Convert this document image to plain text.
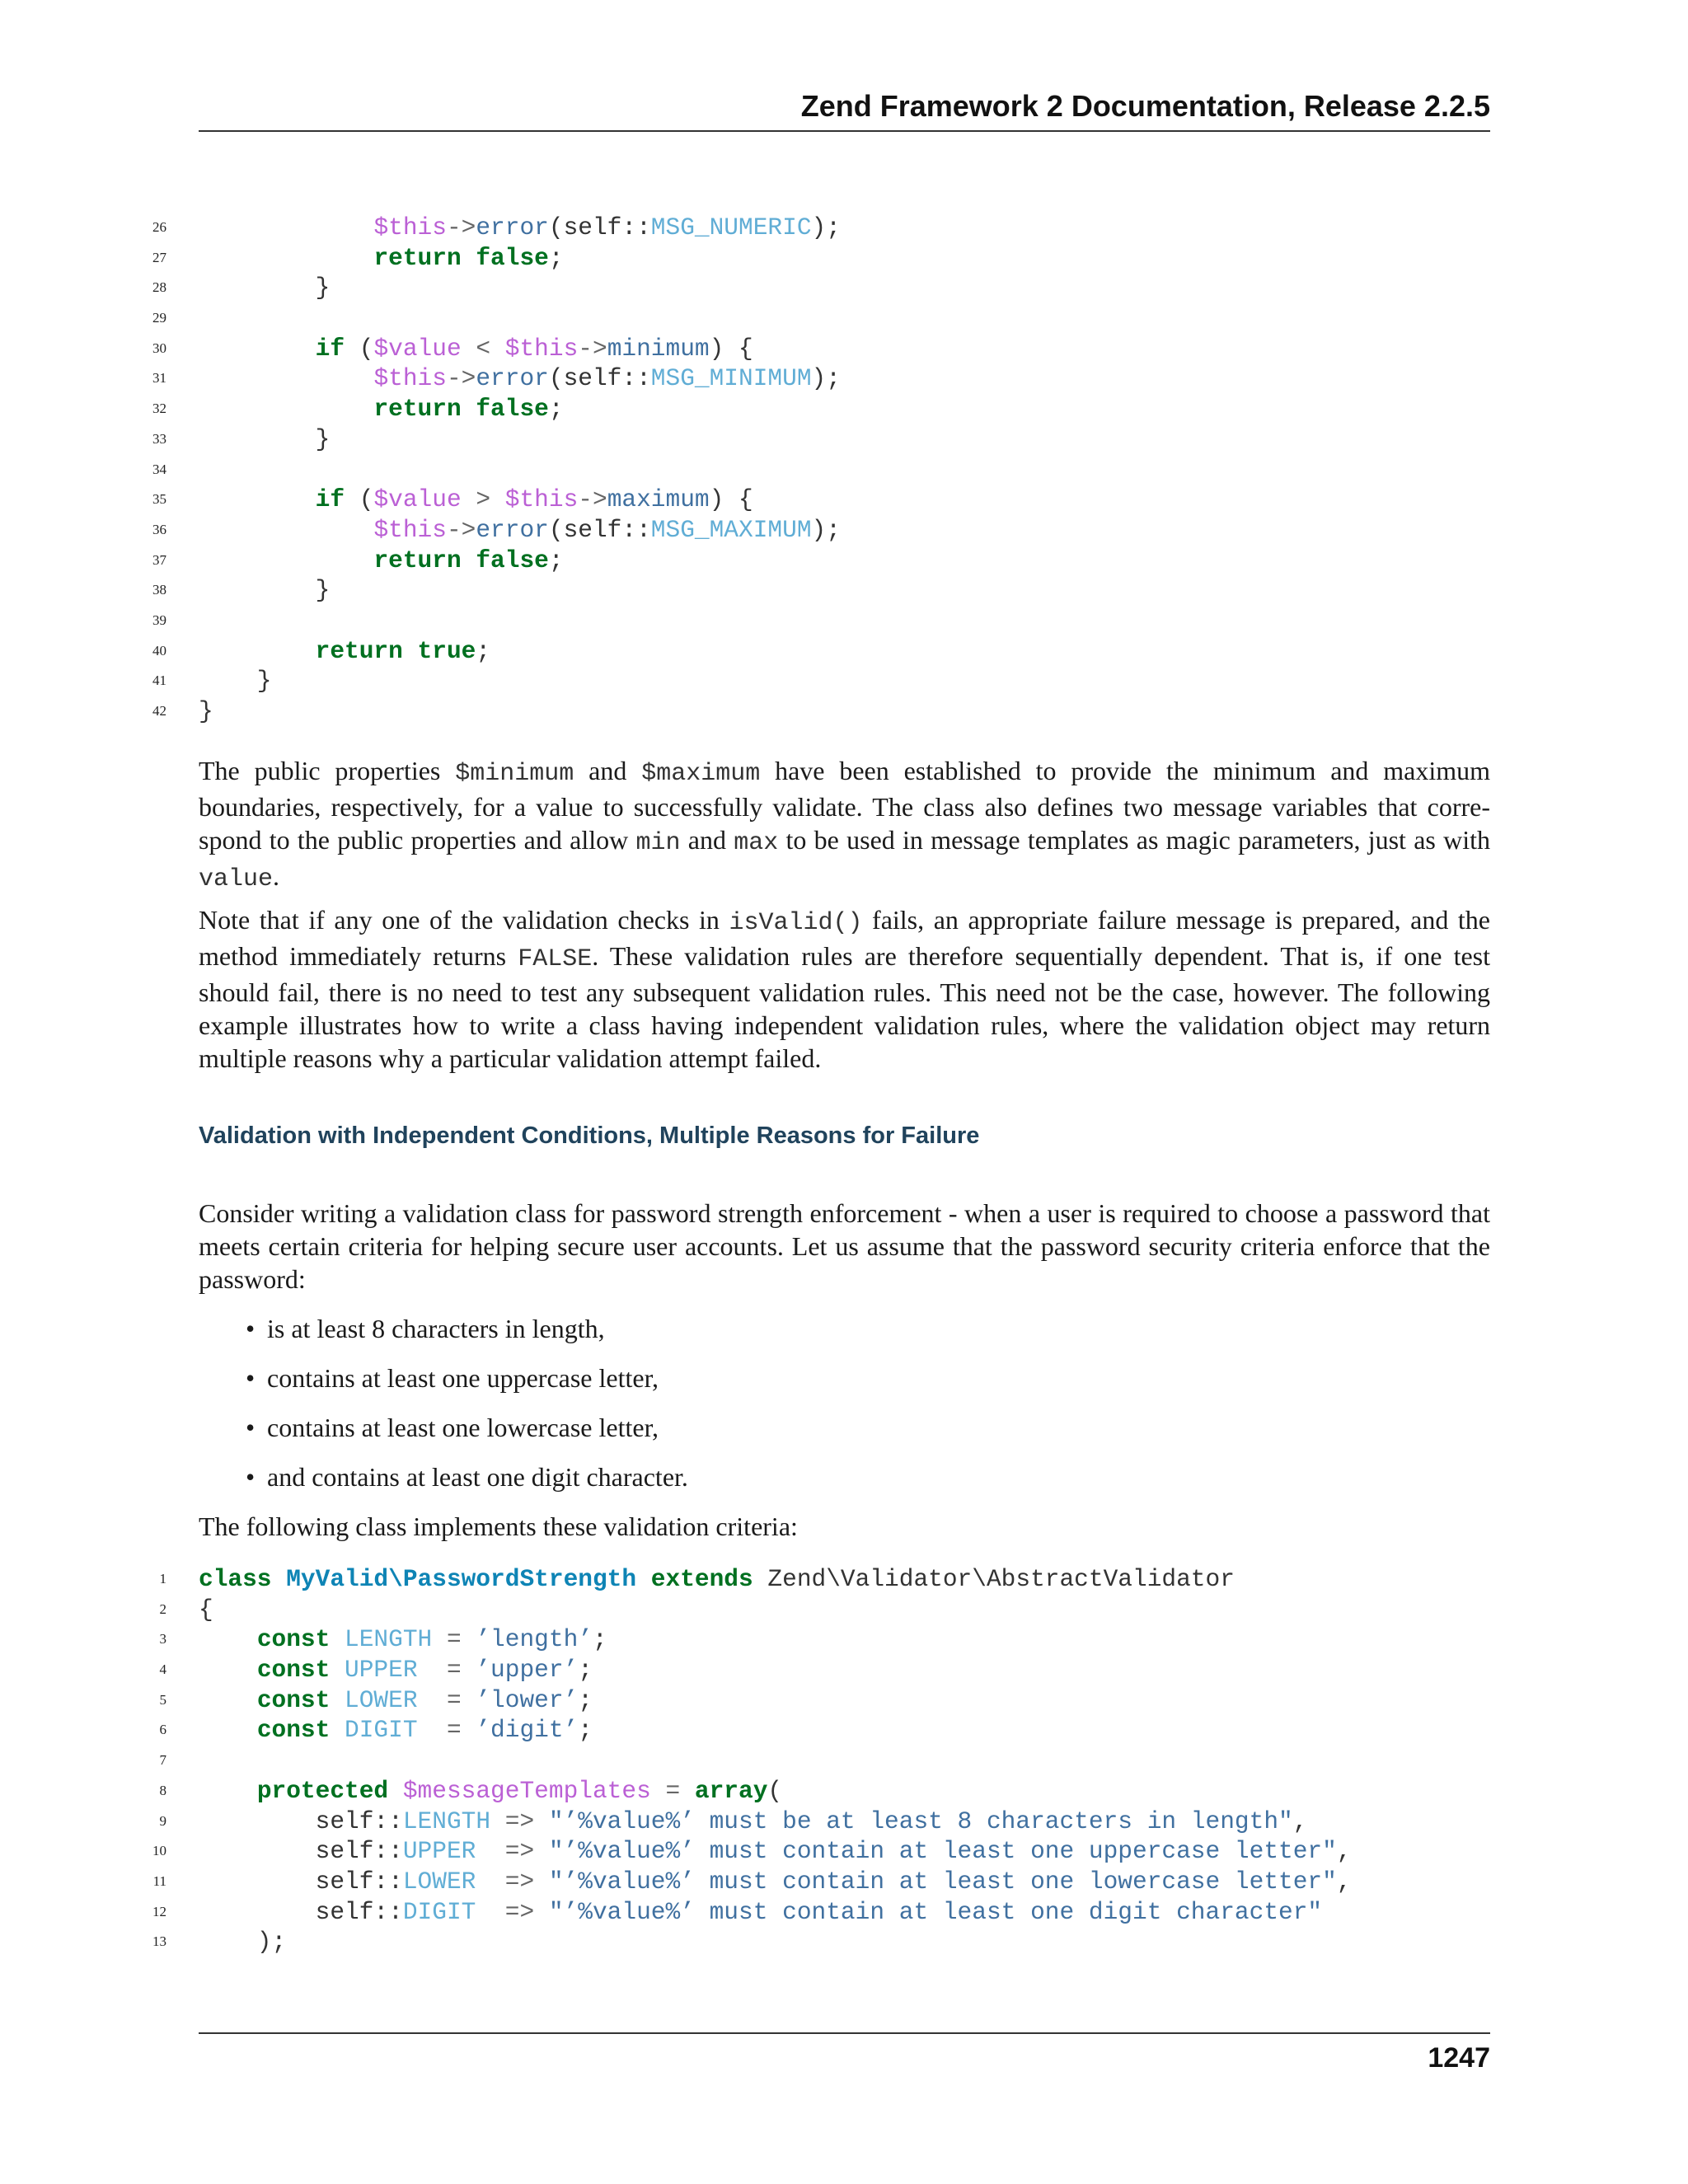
Zend Framework 2 Documentation, Release 2.2.5
26	$this->error(self::MSG_NUMERIC);
27	return false;
28 }
29
30	if ($value < $this->minimum) {
31	$this->error(self::MSG_MINIMUM);
32	return false;
33 }
34
35	if ($value > $this->maximum) {
36	$this->error(self::MSG_MAXIMUM);
37	return false;
38 }
39
40	return true;
41 }
42 }

The public properties $minimum and $maximum have been established to provide the minimum and maximum boundaries, respectively, for a value to successfully validate. The class also defines two message variables that corre-spond to the public properties and allow min and max to be used in message templates as magic parameters, just as with value.

Note that if any one of the validation checks in isValid() fails, an appropriate failure message is prepared, and the method immediately returns FALSE. These validation rules are therefore sequentially dependent. That is, if one test should fail, there is no need to test any subsequent validation rules. This need not be the case, however. The following example illustrates how to write a class having independent validation rules, where the validation object may return multiple reasons why a particular validation attempt failed.

Validation with Independent Conditions, Multiple Reasons for Failure

Consider writing a validation class for password strength enforcement - when a user is required to choose a password that meets certain criteria for helping secure user accounts. Let us assume that the password security criteria enforce that the password:

• is at least 8 characters in length,
• contains at least one uppercase letter,
• contains at least one lowercase letter,
• and contains at least one digit character.

The following class implements these validation criteria:

1 class MyValid\PasswordStrength extends Zend\Validator\AbstractValidator
2 {
3	const LENGTH = ’length’;
4	const UPPER  = ’upper’;
5	const LOWER  = ’lower’;
6	const DIGIT  = ’digit’;
7
8	protected $messageTemplates = array(
9 self::LENGTH => "’%value%’ must be at least 8 characters in length",
10 self::UPPER  => "’%value%’ must contain at least one uppercase letter",
11 self::LOWER  => "’%value%’ must contain at least one lowercase letter",
12 self::DIGIT  => "’%value%’ must contain at least one digit character"
13 );
1247
